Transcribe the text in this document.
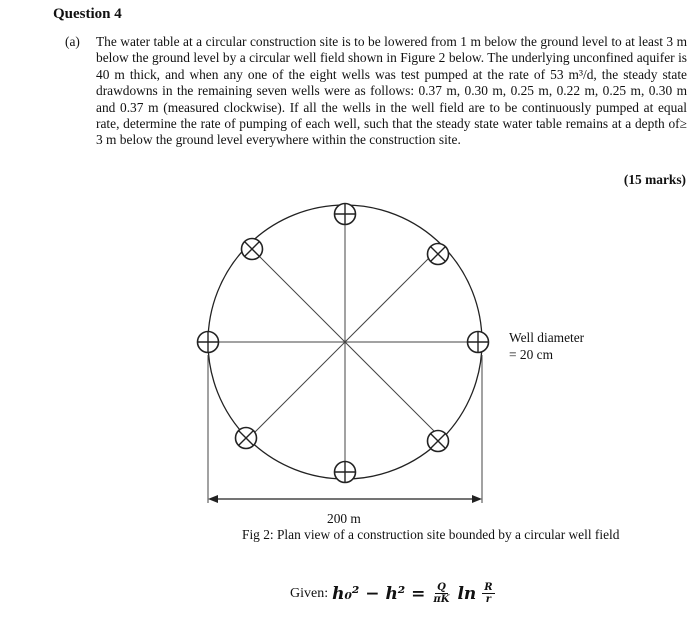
Question 4
(a) The water table at a circular construction site is to be lowered from 1 m below the ground level to at least 3 m below the ground level by a circular well field shown in Figure 2 below. The underlying unconfined aquifer is 40 m thick, and when any one of the eight wells was test pumped at the rate of 53 m³/d, the steady state drawdowns in the remaining seven wells were as follows: 0.37 m, 0.30 m, 0.25 m, 0.22 m, 0.25 m, 0.30 m and 0.37 m (measured clockwise). If all the wells in the well field are to be continuously pumped at equal rate, determine the rate of pumping of each well, such that the steady state water table remains at a depth of≥ 3 m below the ground level everywhere within the construction site.
(15 marks)
Well diameter
= 20 cm
200 m
Fig 2: Plan view of a construction site bounded by a circular well field
Given: $h_0^2 - h^2 = \frac{Q}{\pi K}$ $\ln \frac{R}{r}$
